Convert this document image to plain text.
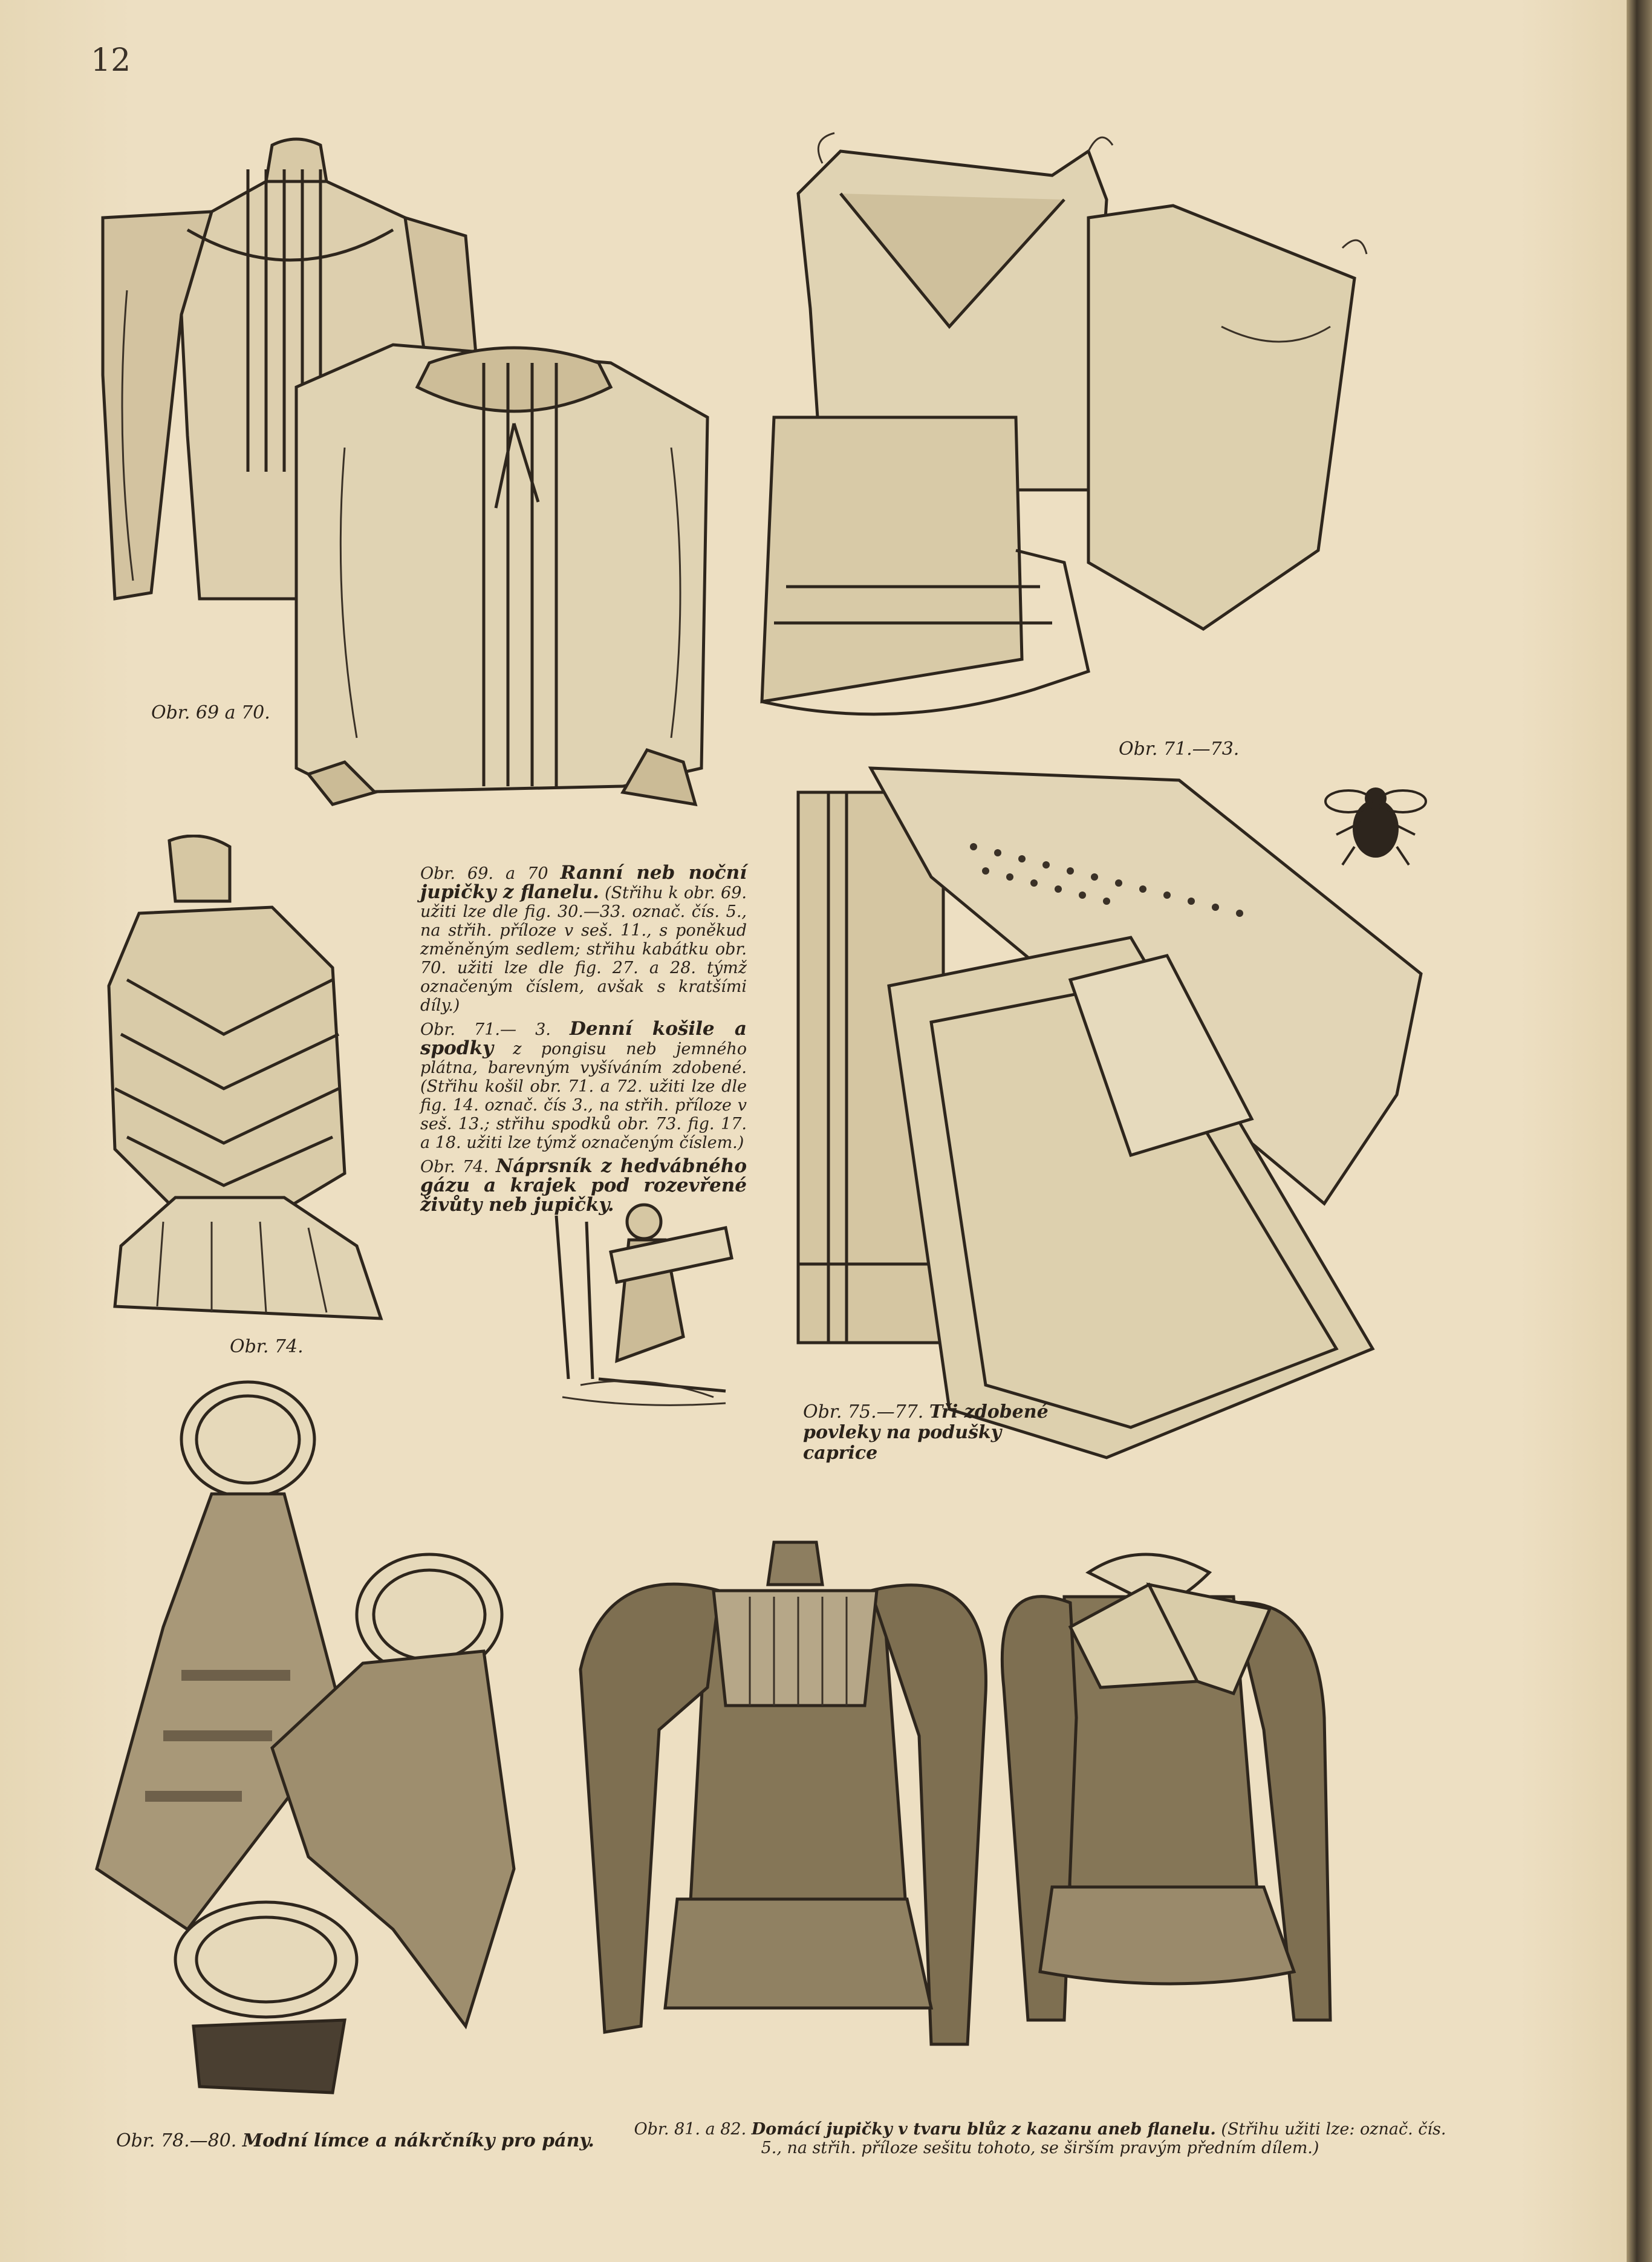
12
Obr. 69 a 70.
Obr. 71.—73.
Obr. 74.

Obr. 69. a 70 Ranní neb noční jupičky z flanelu. (Střihu k obr. 69. užiti lze dle fig. 30.—33. označ. čís. 5., na střih. příloze v seš. 11., s poněkud změněným sedlem; střihu kabátku obr. 70. užiti lze dle fig. 27. a 28. týmž označeným číslem, avšak s kratšími díly.)

Obr. 71.— 3. Denní košile a spodky z pongisu neb jemného plátna, barevným vyšíváním zdobené. (Střihu košil obr. 71. a 72. užiti lze dle fig. 14. označ. čís 3., na střih. příloze v seš. 13.; střihu spodků obr. 73. fig. 17. a 18. užiti lze týmž označeným číslem.)

Obr. 74. Náprsník z hedvábného gázu a krajek pod rozevřené živůty neb jupičky.

Obr. 75.—77. Tři zdobené povleky na podušky caprice
Obr. 78.—80. Modní límce a nákrčníky pro pány.
Obr. 81. a 82. Domácí jupičky v tvaru blůz z kazanu aneb flanelu. (Střihu užiti lze: označ. čís. 5., na střih. příloze sešitu tohoto, se širším pravým předním dílem.)
